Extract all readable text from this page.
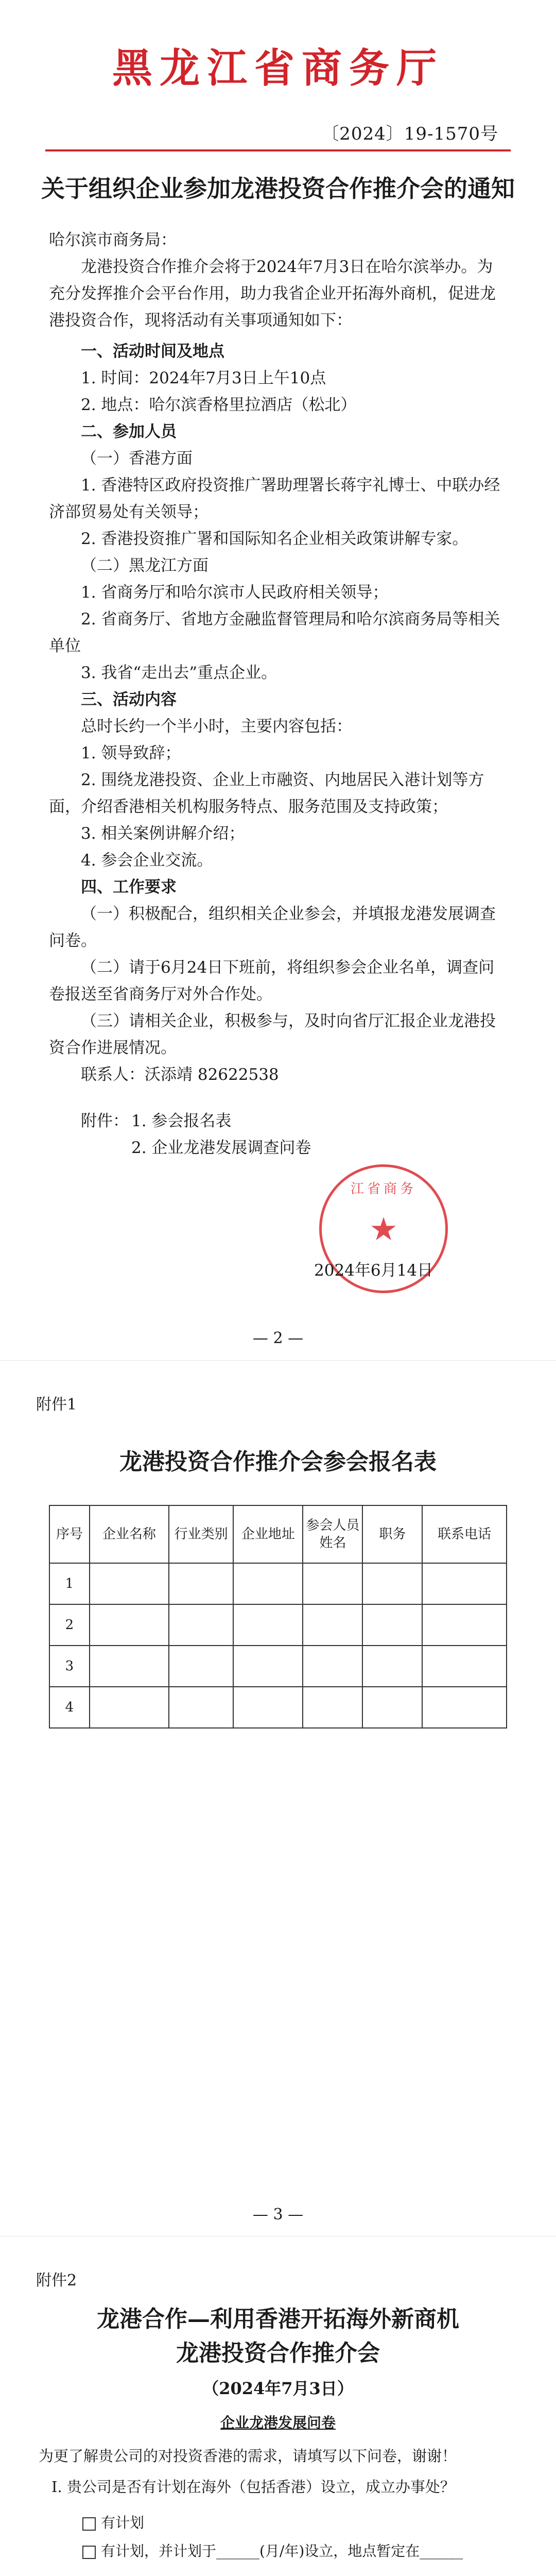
黑龙江省商务厅
〔2024〕19-1570号
关于组织企业参加龙港投资合作推介会的通知
哈尔滨市商务局：
龙港投资合作推介会将于2024年7月3日在哈尔滨举办。为充分发挥推介会平台作用，助力我省企业开拓海外商机，促进龙港投资合作，现将活动有关事项通知如下：
一、活动时间及地点
1. 时间：2024年7月3日上午10点
2. 地点：哈尔滨香格里拉酒店（松北）
二、参加人员
（一）香港方面
1. 香港特区政府投资推广署助理署长蒋宇礼博士、中联办经济部贸易处有关领导；
2. 香港投资推广署和国际知名企业相关政策讲解专家。
（二）黑龙江方面
1. 省商务厅和哈尔滨市人民政府相关领导；
2. 省商务厅、省地方金融监督管理局和哈尔滨商务局等相关单位
3. 我省“走出去”重点企业。
三、活动内容
总时长约一个半小时，主要内容包括：
1. 领导致辞；
2. 围绕龙港投资、企业上市融资、内地居民入港计划等方面，介绍香港相关机构服务特点、服务范围及支持政策；
3. 相关案例讲解介绍；
4. 参会企业交流。
四、工作要求
（一）积极配合，组织相关企业参会，并填报龙港发展调查问卷。
（二）请于6月24日下班前，将组织参会企业名单，调查问卷报送至省商务厅对外合作处。
（三）请相关企业，积极参与，及时向省厅汇报企业龙港投资合作进展情况。
联系人：沃添靖 82622538
附件： 1. 参会报名表
2. 企业龙港发展调查问卷
江省商务
★
2024年6月14日
— 2 —
附件1
龙港投资合作推介会参会报名表
序号	企业名称	行业类别	企业地址	参会人员姓名	职务	联系电话
1						
2						
3						
4						
— 3 —
附件2
龙港合作—利用香港开拓海外新商机
龙港投资合作推介会
（2024年7月3日）
企业龙港发展问卷
为更了解贵公司的对投资香港的需求，请填写以下问卷，谢谢！
I. 贵公司是否有计划在海外（包括香港）设立，成立办事处？
有计划
有计划，并计划于______(月/年)设立，地点暂定在______
